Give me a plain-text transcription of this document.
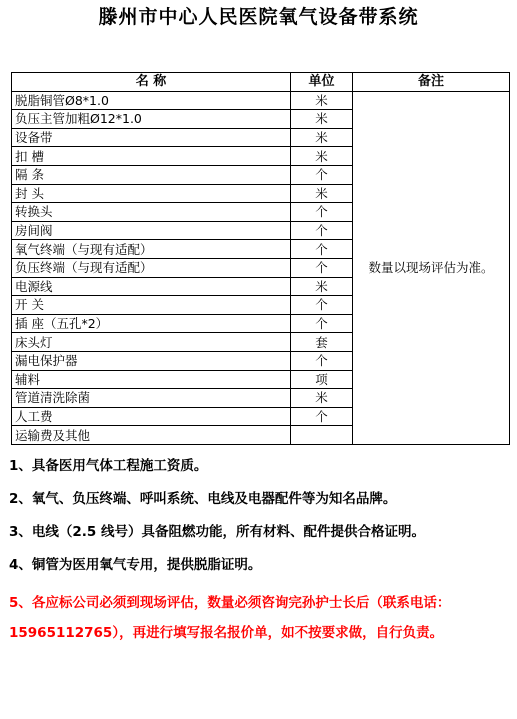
滕州市中心人民医院氧气设备带系统
名 称	单位	备注
脱脂铜管Ø8*1.0	米	数量以现场评估为准。
负压主管加粗Ø12*1.0	米	
设备带	米	
扣 槽	米	
隔 条	个	
封 头	米	
转换头	个	
房间阀	个	
氧气终端（与现有适配）	个	
负压终端（与现有适配）	个	
电源线	米	
开 关	个	
插 座（五孔*2）	个	
床头灯	套	
漏电保护器	个	
辅料	项	
管道清洗除菌	米	
人工费	个	
运输费及其他		
1、具备医用气体工程施工资质。
2、氧气、负压终端、呼叫系统、电线及电器配件等为知名品牌。
3、电线（2.5 线号）具备阻燃功能，所有材料、配件提供合格证明。
4、铜管为医用氧气专用，提供脱脂证明。
5、各应标公司必须到现场评估，数量必须咨询完孙护士长后（联系电话：15965112765），再进行填写报名报价单，如不按要求做，自行负责。
